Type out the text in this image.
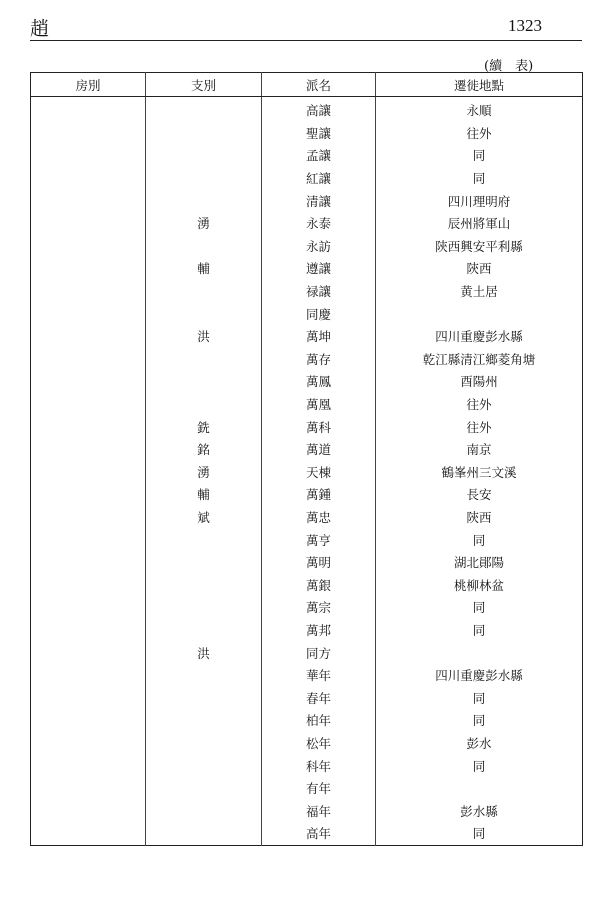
趙	1323
(續　表)
房別	支別	派名	遷徙地點
		高讓	永順
		聖讓	往外
		孟讓	同
		紅讓	同
		清讓	四川理明府
	湧	永泰	辰州將軍山
		永訪	陝西興安平利縣
	輔	遵讓	陝西
		禄讓	黄土居
		同慶	
	洪	萬坤	四川重慶彭水縣
		萬存	乾江縣清江鄉菱角塘
		萬鳳	酉陽州
		萬凰	往外
	銑	萬科	往外
	銘	萬道	南京
	湧	天棟	鶴峯州三文溪
	輔	萬鍾	長安
	斌	萬忠	陝西
		萬亨	同
		萬明	湖北鄖陽
		萬銀	桃柳林盆
		萬宗	同
		萬邦	同
	洪	同方	
		華年	四川重慶彭水縣
		春年	同
		柏年	同
		松年	彭水
		科年	同
		有年	
		福年	彭水縣
		高年	同
